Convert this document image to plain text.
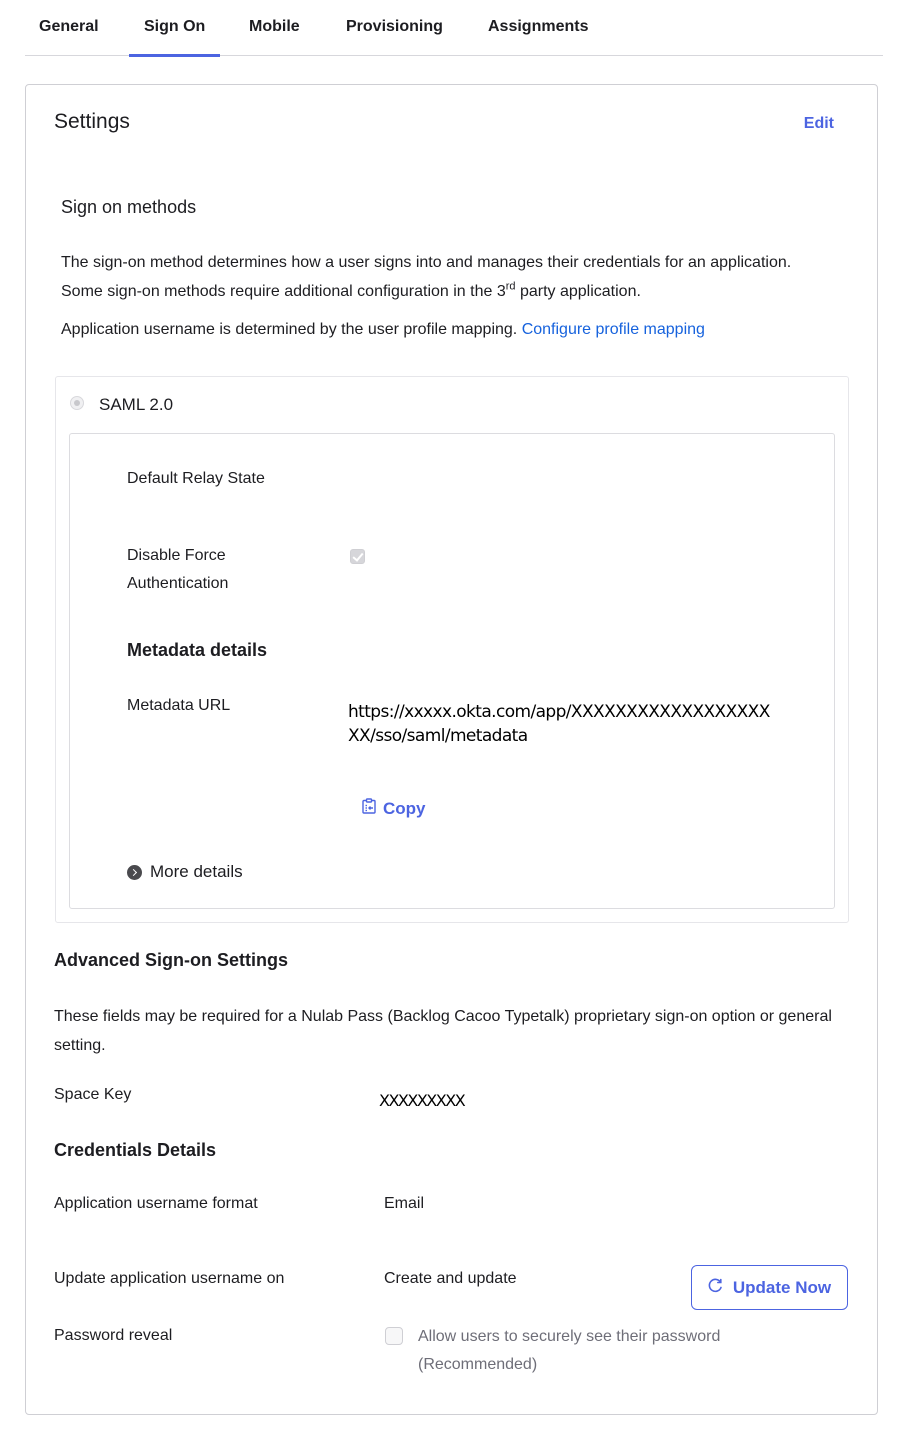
General	Sign On	Mobile	Provisioning	Assignments
Settings	Edit
Sign on methods
The sign-on method determines how a user signs into and manages their credentials for an application. Some sign-on methods require additional configuration in the 3rd party application.
Application username is determined by the user profile mapping. Configure profile mapping
SAML 2.0
Default Relay State
Disable Force Authentication
Metadata details
Metadata URL	https://xxxxx.okta.com/app/XXXXXXXXXXXXXXXXXXXX/sso/saml/metadata
Copy
More details
Advanced Sign-on Settings
These fields may be required for a Nulab Pass (Backlog Cacoo Typetalk) proprietary sign-on option or general setting.
Space Key	XXXXXXXXX
Credentials Details
Application username format	Email
Update application username on	Create and update	Update Now
Password reveal	Allow users to securely see their password (Recommended)
